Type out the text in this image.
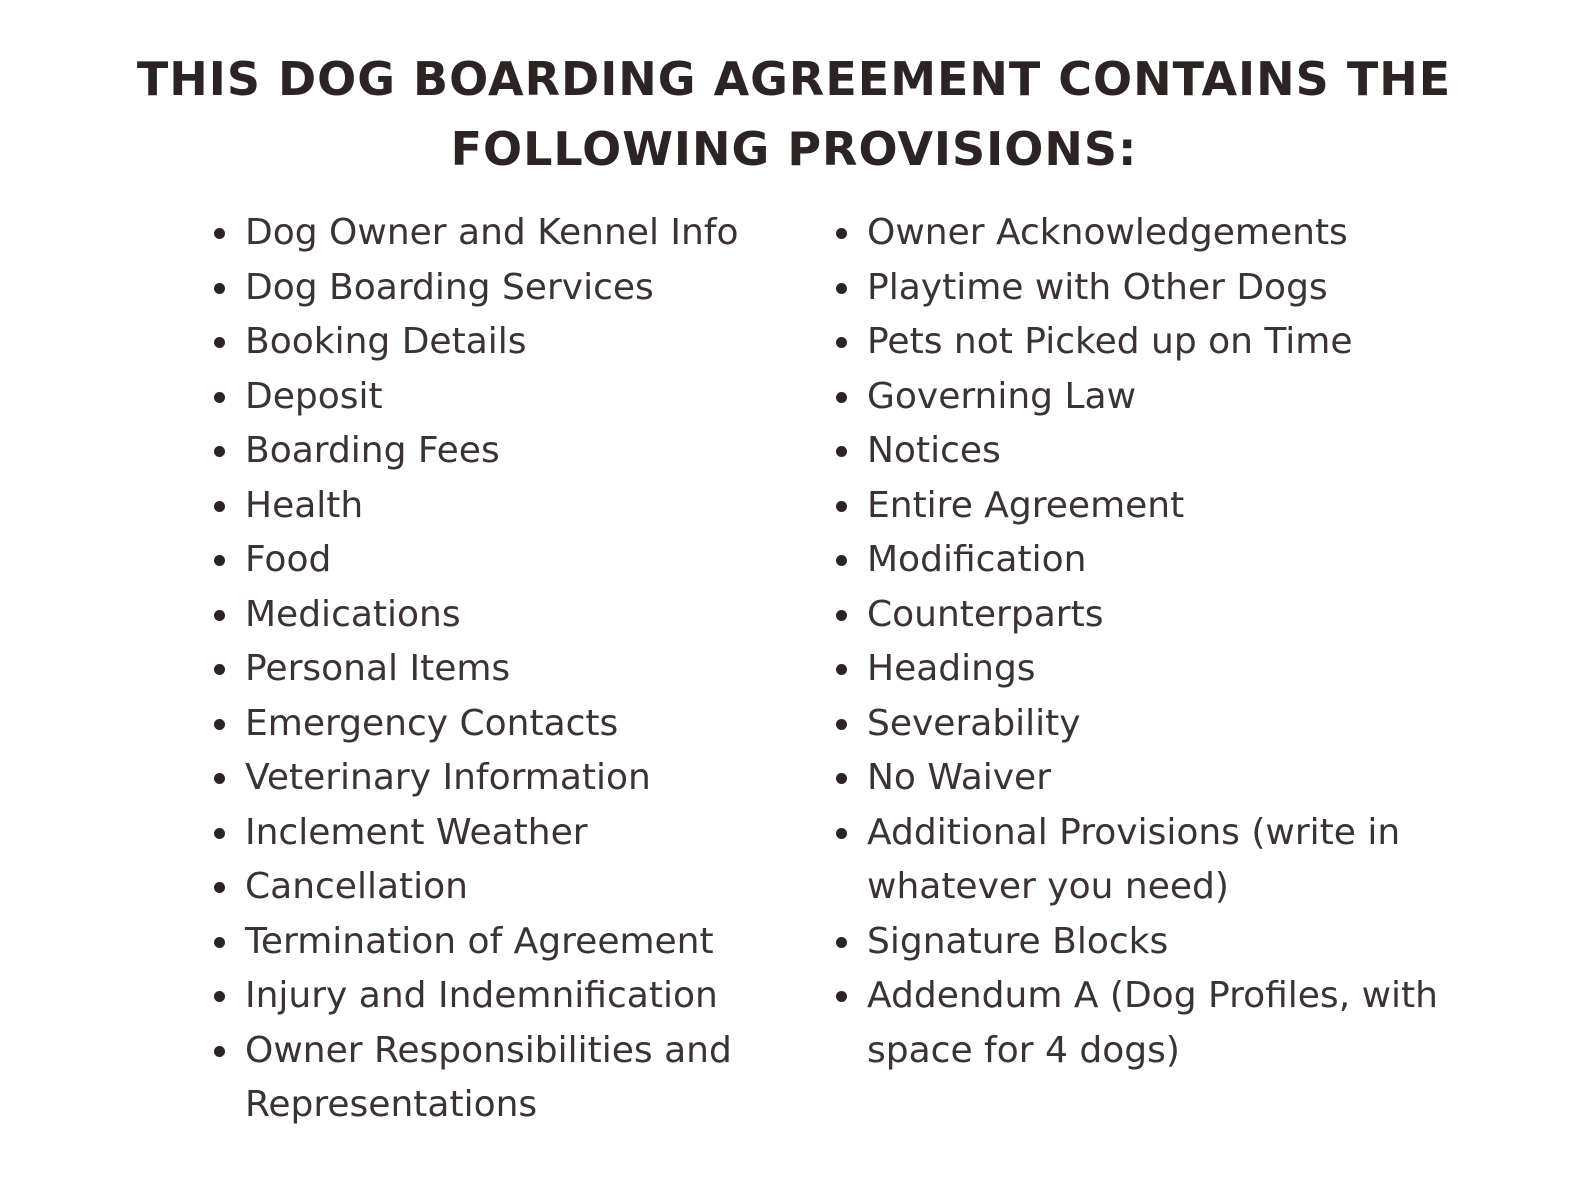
THIS DOG BOARDING AGREEMENT CONTAINS THE
FOLLOWING PROVISIONS:
Dog Owner and Kennel Info
Dog Boarding Services
Booking Details
Deposit
Boarding Fees
Health
Food
Medications
Personal Items
Emergency Contacts
Veterinary Information
Inclement Weather
Cancellation
Termination of Agreement
Injury and Indemnification
Owner Responsibilities and
Representations
Owner Acknowledgements
Playtime with Other Dogs
Pets not Picked up on Time
Governing Law
Notices
Entire Agreement
Modification
Counterparts
Headings
Severability
No Waiver
Additional Provisions (write in
whatever you need)
Signature Blocks
Addendum A (Dog Profiles, with
space for 4 dogs)
